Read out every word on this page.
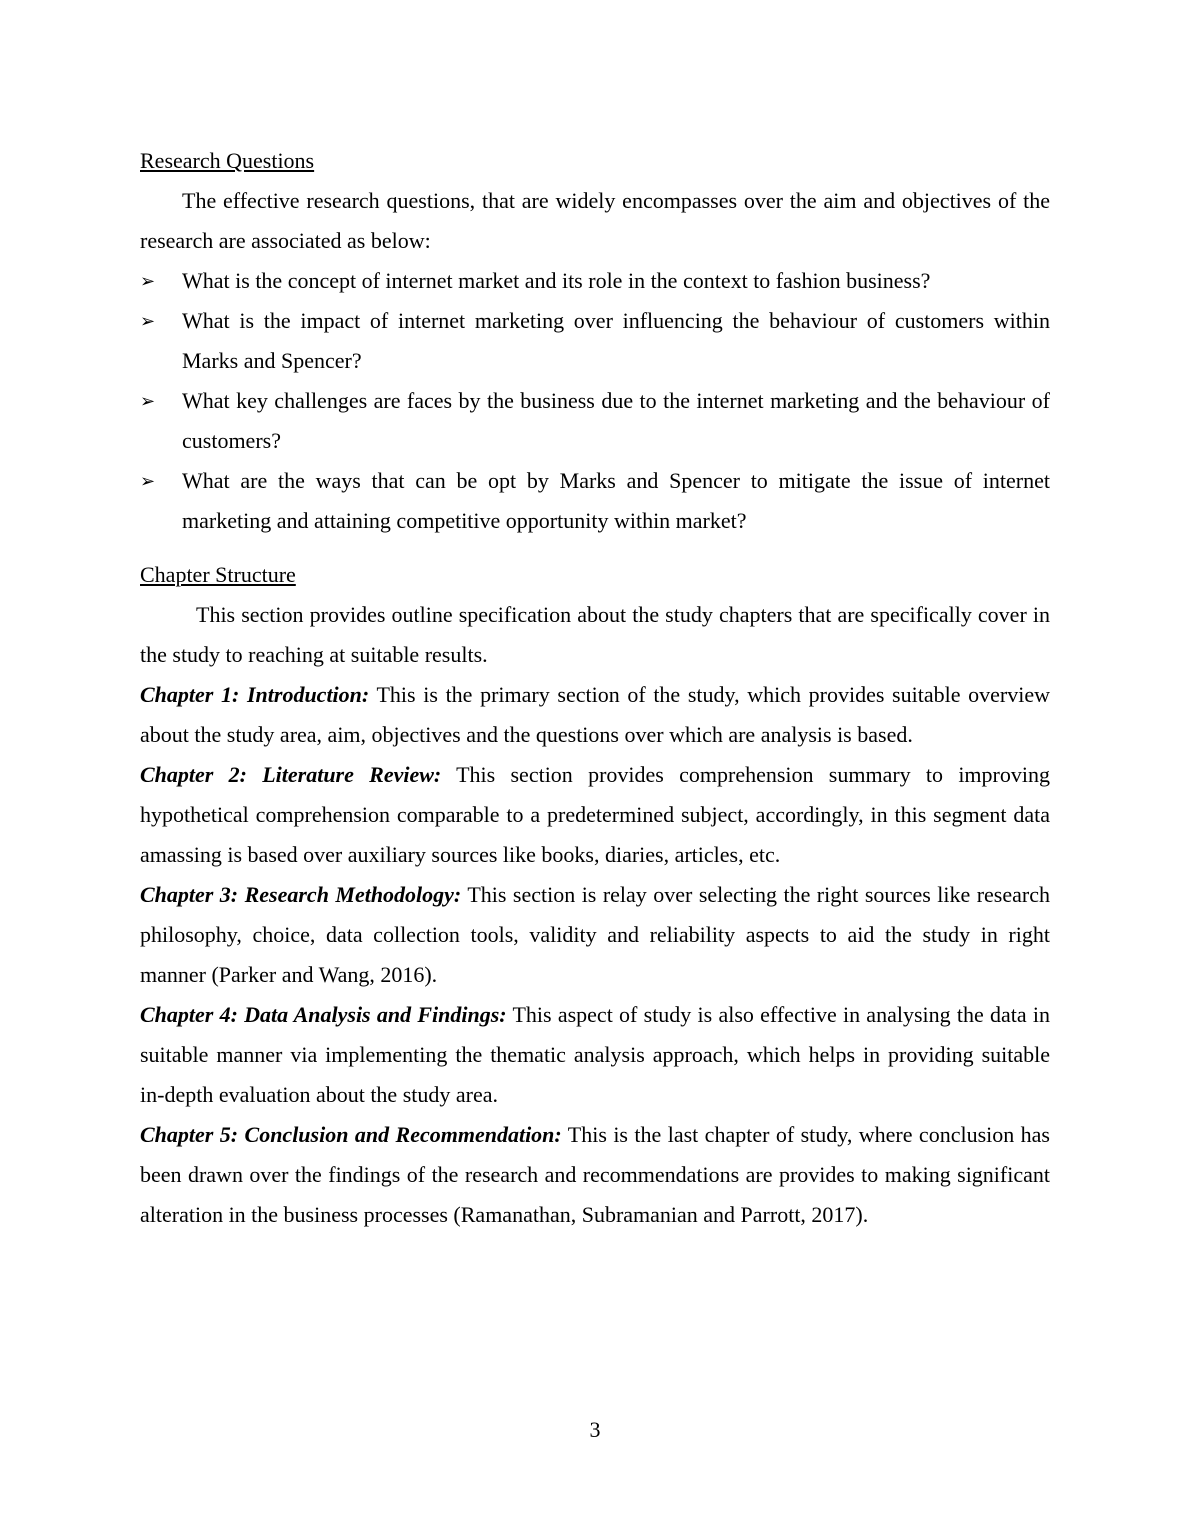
Research Questions

The effective research questions, that are widely encompasses over the aim and objectives of the research are associated as below:

➢	What is the concept of internet market and its role in the context to fashion business?
➢	What is the impact of internet marketing over influencing the behaviour of customers within Marks and Spencer?
➢	What key challenges are faces by the business due to the internet marketing and the behaviour of customers?
➢	What are the ways that can be opt by Marks and Spencer to mitigate the issue of internet marketing and attaining competitive opportunity within market?
Chapter Structure

This section provides outline specification about the study chapters that are specifically cover in the study to reaching at suitable results.

Chapter 1: Introduction: This is the primary section of the study, which provides suitable overview about the study area, aim, objectives and the questions over which are analysis is based.

Chapter 2: Literature Review: This section provides comprehension summary to improving hypothetical comprehension comparable to a predetermined subject, accordingly, in this segment data amassing is based over auxiliary sources like books, diaries, articles, etc.

Chapter 3: Research Methodology: This section is relay over selecting the right sources like research philosophy, choice, data collection tools, validity and reliability aspects to aid the study in right manner (Parker and Wang, 2016).

Chapter 4: Data Analysis and Findings: This aspect of study is also effective in analysing the data in suitable manner via implementing the thematic analysis approach, which helps in providing suitable in-depth evaluation about the study area.

Chapter 5: Conclusion and Recommendation: This is the last chapter of study, where conclusion has been drawn over the findings of the research and recommendations are provides to making significant alteration in the business processes (Ramanathan, Subramanian and Parrott, 2017).

3
